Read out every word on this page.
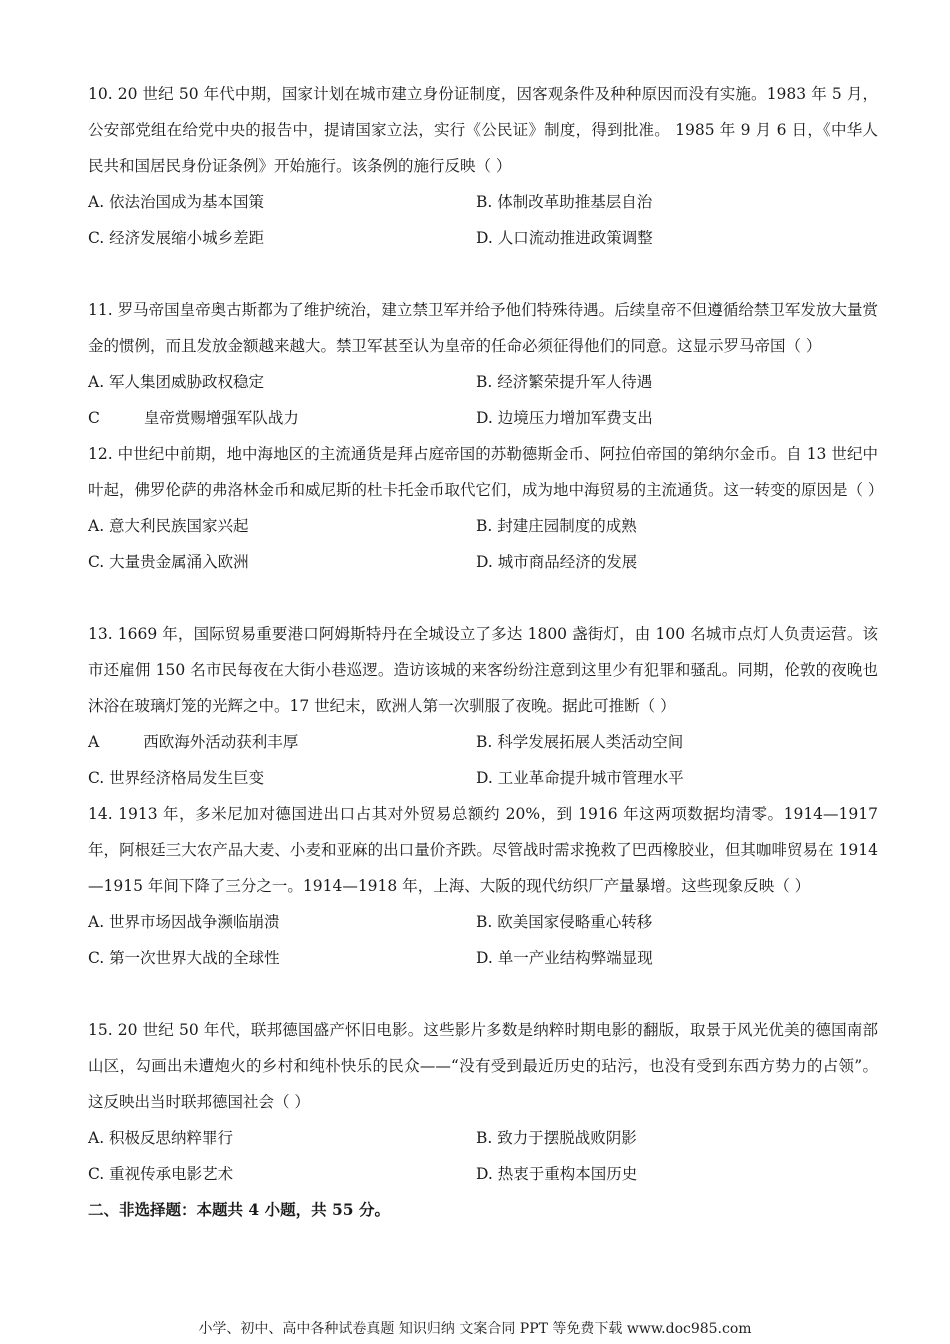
10. 20 世纪 50 年代中期，国家计划在城市建立身份证制度，因客观条件及种种原因而没有实施。1983 年 5 月，公安部党组在给党中央的报告中，提请国家立法，实行《公民证》制度，得到批准。 1985 年 9 月 6 日，《中华人民共和国居民身份证条例》开始施行。该条例的施行反映（ ）

A. 依法治国成为基本国策	B. 体制改革助推基层自治
C. 经济发展缩小城乡差距	D. 人口流动推进政策调整

11. 罗马帝国皇帝奥古斯都为了维护统治，建立禁卫军并给予他们特殊待遇。后续皇帝不但遵循给禁卫军发放大量赏金的惯例，而且发放金额越来越大。禁卫军甚至认为皇帝的任命必须征得他们的同意。这显示罗马帝国（ ）

A. 军人集团威胁政权稳定	B. 经济繁荣提升军人待遇
C	皇帝赏赐增强军队战力	D. 边境压力增加军费支出

12. 中世纪中前期，地中海地区的主流通货是拜占庭帝国的苏勒德斯金币、阿拉伯帝国的第纳尔金币。自 13 世纪中叶起，佛罗伦萨的弗洛林金币和威尼斯的杜卡托金币取代它们，成为地中海贸易的主流通货。这一转变的原因是（ ）

A. 意大利民族国家兴起	B. 封建庄园制度的成熟
C. 大量贵金属涌入欧洲	D. 城市商品经济的发展

13. 1669 年，国际贸易重要港口阿姆斯特丹在全城设立了多达 1800 盏街灯，由 100 名城市点灯人负责运营。该市还雇佣 150 名市民每夜在大街小巷巡逻。造访该城的来客纷纷注意到这里少有犯罪和骚乱。同期，伦敦的夜晚也沐浴在玻璃灯笼的光辉之中。17 世纪末，欧洲人第一次驯服了夜晚。据此可推断（ ）

A	西欧海外活动获利丰厚	B. 科学发展拓展人类活动空间
C. 世界经济格局发生巨变	D. 工业革命提升城市管理水平

14. 1913 年，多米尼加对德国进出口占其对外贸易总额约 20%，到 1916 年这两项数据均清零。1914—1917 年，阿根廷三大农产品大麦、小麦和亚麻的出口量价齐跌。尽管战时需求挽救了巴西橡胶业，但其咖啡贸易在 1914—1915 年间下降了三分之一。1914—1918 年，上海、大阪的现代纺织厂产量暴增。这些现象反映（ ）

A. 世界市场因战争濒临崩溃	B. 欧美国家侵略重心转移
C. 第一次世界大战的全球性	D. 单一产业结构弊端显现

15. 20 世纪 50 年代，联邦德国盛产怀旧电影。这些影片多数是纳粹时期电影的翻版，取景于风光优美的德国南部山区，勾画出未遭炮火的乡村和纯朴快乐的民众——“没有受到最近历史的玷污，也没有受到东西方势力的占领”。这反映出当时联邦德国社会（ ）

A. 积极反思纳粹罪行	B. 致力于摆脱战败阴影
C. 重视传承电影艺术	D. 热衷于重构本国历史
二、非选择题：本题共 4 小题，共 55 分。
小学、初中、高中各种试卷真题 知识归纳 文案合同 PPT 等免费下载 www.doc985.com
